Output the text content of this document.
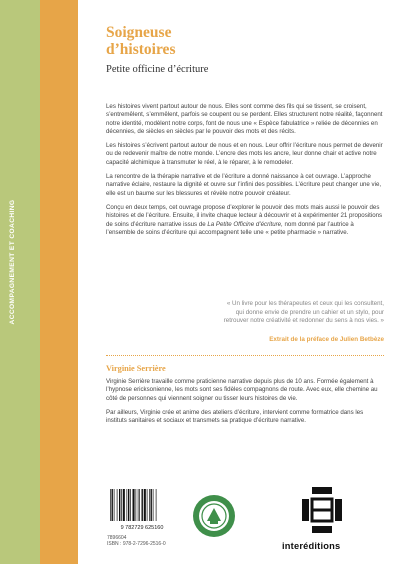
ACCOMPAGNEMENT ET COACHING
Soigneuse
d’histoires
Petite officine d’écriture

Les histoires vivent partout autour de nous. Elles sont comme des fils qui se tissent, se croisent, s’entremêlent, s’emmêlent, parfois se coupent ou se perdent. Elles structurent notre réalité, façonnent notre identité, modèlent notre corps, font de nous une « Espèce fabulatrice » reliée de décennies en décennies, de siècles en siècles par le pouvoir des mots et des récits.

Les histoires s’écrivent partout autour de nous et en nous. Leur offrir l’écriture nous permet de devenir ou de redevenir maître de notre monde. L’encre des mots les ancre, leur donne chair et active notre capacité alchimique à transmuter le réel, à le réparer, à le remodeler.

La rencontre de la thérapie narrative et de l’écriture a donné naissance à cet ouvrage. L’approche narrative éclaire, restaure la dignité et ouvre sur l’infini des possibles. L’écriture peut changer une vie, elle est un baume sur les blessures et révèle notre pouvoir créateur.

Conçu en deux temps, cet ouvrage propose d’explorer le pouvoir des mots mais aussi le pouvoir des histoires et de l’écriture. Ensuite, il invite chaque lecteur à découvrir et à expérimenter 21 propositions de soins d’écriture narrative issus de La Petite Officine d’écriture, nom donné par l’autrice à l’ensemble de soins d’écriture qui accompagnent telle une « petite pharmacie » narrative.

« Un livre pour les thérapeutes et ceux qui les consultent,

qui donne envie de prendre un cahier et un stylo, pour

retrouver notre créativité et redonner du sens à nos vies. »

Extrait de la préface de Julien Betbèze
Virginie Serrière

Virginie Serrière travaille comme praticienne narrative depuis plus de 10 ans. Formée également à l’hypnose ericksonienne, les mots sont ses fidèles compagnons de route. Avec eux, elle chemine au côté de personnes qui viennent soigner ou tisser leurs histoires de vie.

Par ailleurs, Virginie crée et anime des ateliers d’écriture, intervient comme formatrice dans les instituts sanitaires et sociaux et transmets sa pratique d’écriture narrative.

9 782729 625160
7896604
ISBN : 978-2-7296-2516-0	interéditions
